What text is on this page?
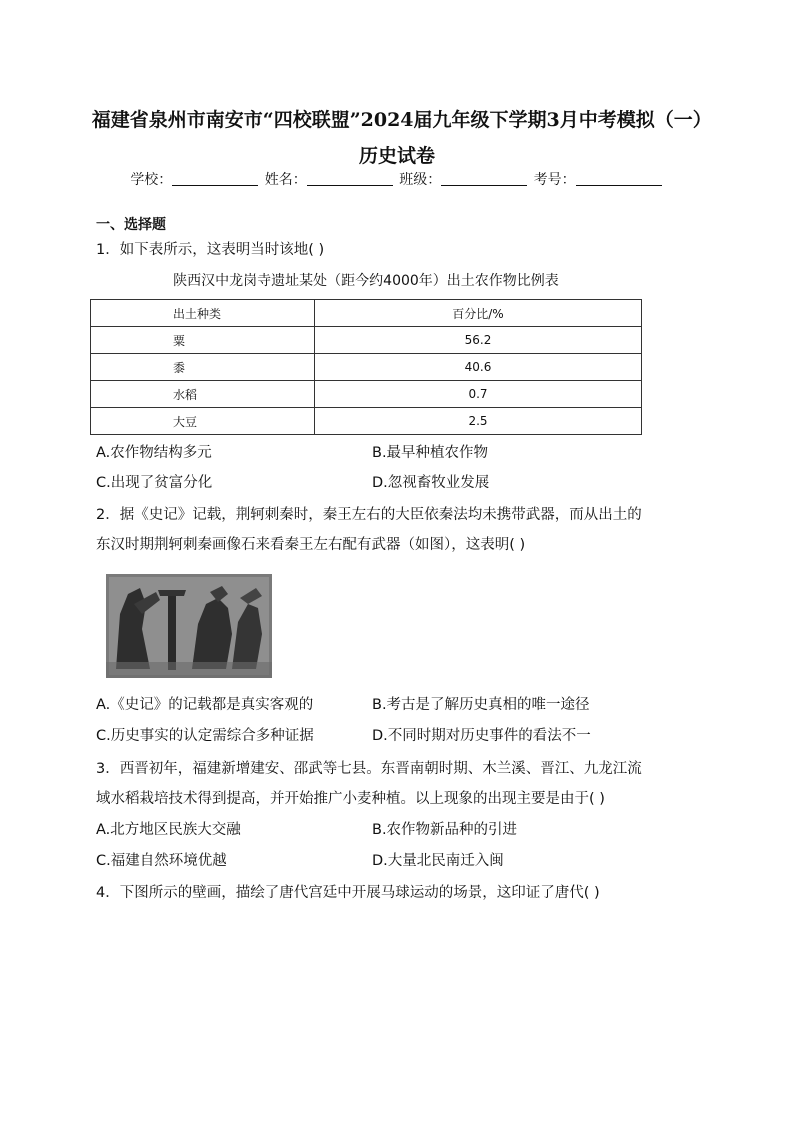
福建省泉州市南安市“四校联盟”2024届九年级下学期3月中考模拟（一）历史试卷
学校：	姓名：	班级：	考号：
一、选择题
1．如下表所示，这表明当时该地( )
陕西汉中龙岗寺遗址某处（距今约4000年）出土农作物比例表
出土种类	百分比/%
粟	56.2
黍	40.6
水稻	0.7
大豆	2.5
A.农作物结构多元	B.最早种植农作物
C.出现了贫富分化	D.忽视畜牧业发展
2．据《史记》记载，荆轲刺秦时，秦王左右的大臣依秦法均未携带武器，而从出土的
东汉时期荆轲刺秦画像石来看秦王左右配有武器（如图），这表明( )
A.《史记》的记载都是真实客观的	B.考古是了解历史真相的唯一途径
C.历史事实的认定需综合多种证据	D.不同时期对历史事件的看法不一
3．西晋初年，福建新增建安、邵武等七县。东晋南朝时期、木兰溪、晋江、九龙江流
域水稻栽培技术得到提高，并开始推广小麦种植。以上现象的出现主要是由于( )
A.北方地区民族大交融	B.农作物新品种的引进
C.福建自然环境优越	D.大量北民南迁入闽
4．下图所示的壁画，描绘了唐代宫廷中开展马球运动的场景，这印证了唐代( )
